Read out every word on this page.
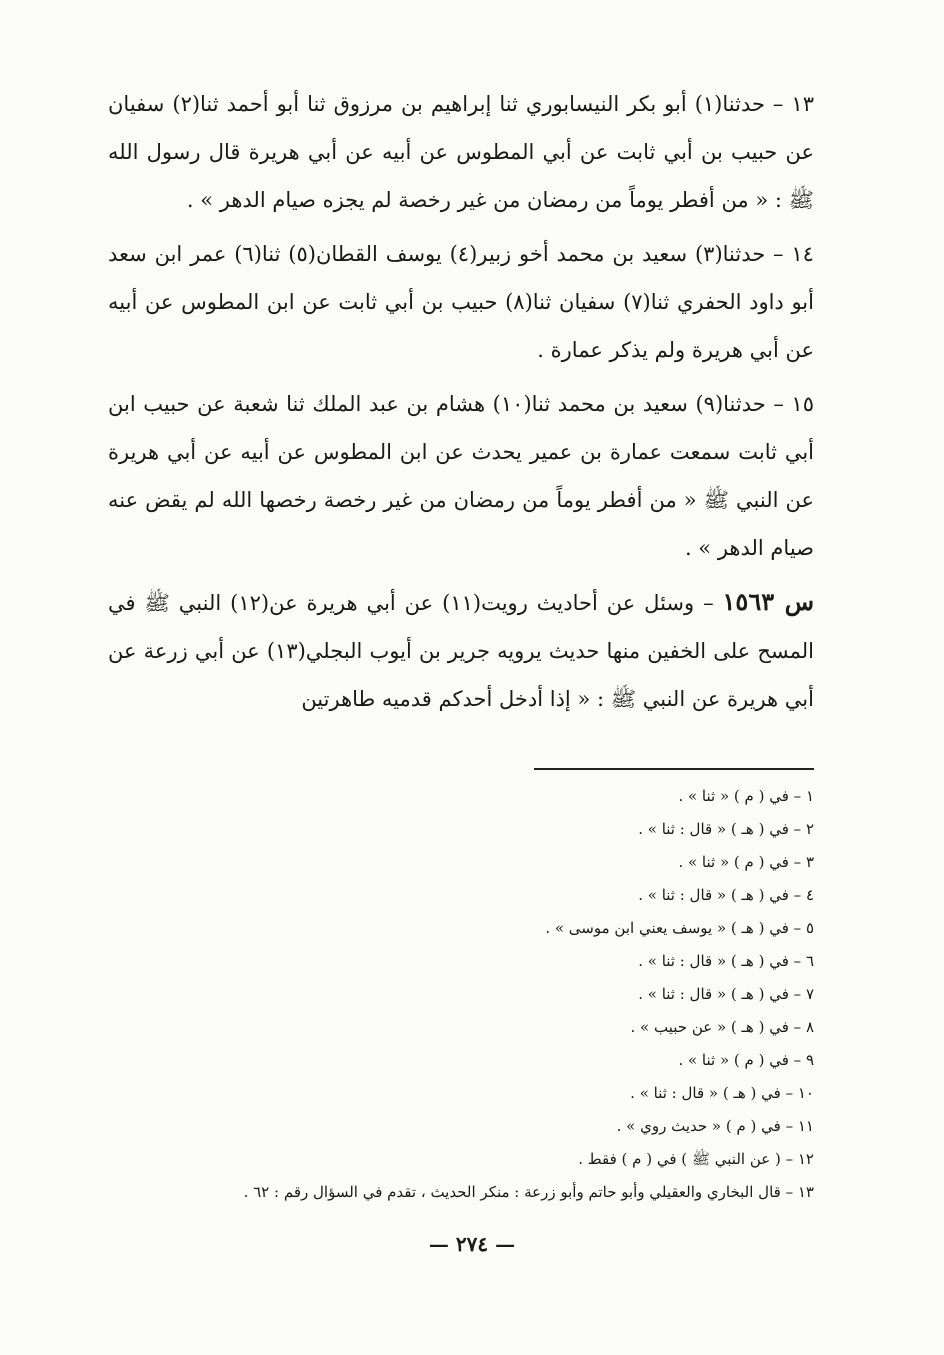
١٣ – حدثنا(١) أبو بكر النيسابوري ثنا إبراهيم بن مرزوق ثنا أبو أحمد ثنا(٢) سفيان عن حبيب بن أبي ثابت عن أبي المطوس عن أبيه عن أبي هريرة قال رسول الله ﷺ : « من أفطر يوماً من رمضان من غير رخصة لم يجزه صيام الدهر » .

١٤ – حدثنا(٣) سعيد بن محمد أخو زبير(٤) يوسف القطان(٥) ثنا(٦) عمر ابن سعد أبو داود الحفري ثنا(٧) سفيان ثنا(٨) حبيب بن أبي ثابت عن ابن المطوس عن أبيه عن أبي هريرة ولم يذكر عمارة .

١٥ – حدثنا(٩) سعيد بن محمد ثنا(١٠) هشام بن عبد الملك ثنا شعبة عن حبيب ابن أبي ثابت سمعت عمارة بن عمير يحدث عن ابن المطوس عن أبيه عن أبي هريرة عن النبي ﷺ « من أفطر يوماً من رمضان من غير رخصة رخصها الله لم يقض عنه صيام الدهر » .

س ١٥٦٣ – وسئل عن أحاديث رويت(١١) عن أبي هريرة عن(١٢) النبي ﷺ في المسح على الخفين منها حديث يرويه جرير بن أيوب البجلي(١٣) عن أبي زرعة عن أبي هريرة عن النبي ﷺ : « إذا أدخل أحدكم قدميه طاهرتين

١ – في ( م ) « ثنا » .
٢ – في ( هـ ) « قال : ثنا » .
٣ – في ( م ) « ثنا » .
٤ – في ( هـ ) « قال : ثنا » .
٥ – في ( هـ ) « يوسف يعني ابن موسى » .
٦ – في ( هـ ) « قال : ثنا » .
٧ – في ( هـ ) « قال : ثنا » .
٨ – في ( هـ ) « عن حبيب » .
٩ – في ( م ) « ثنا » .
١٠ – في ( هـ ) « قال : ثنا » .
١١ – في ( م ) « حديث روي » .
١٢ – ( عن النبي ﷺ ) في ( م ) فقط .
١٣ – قال البخاري والعقيلي وأبو حاتم وأبو زرعة : منكر الحديث ، تقدم في السؤال رقم : ٦٢ .
— ٢٧٤ —
